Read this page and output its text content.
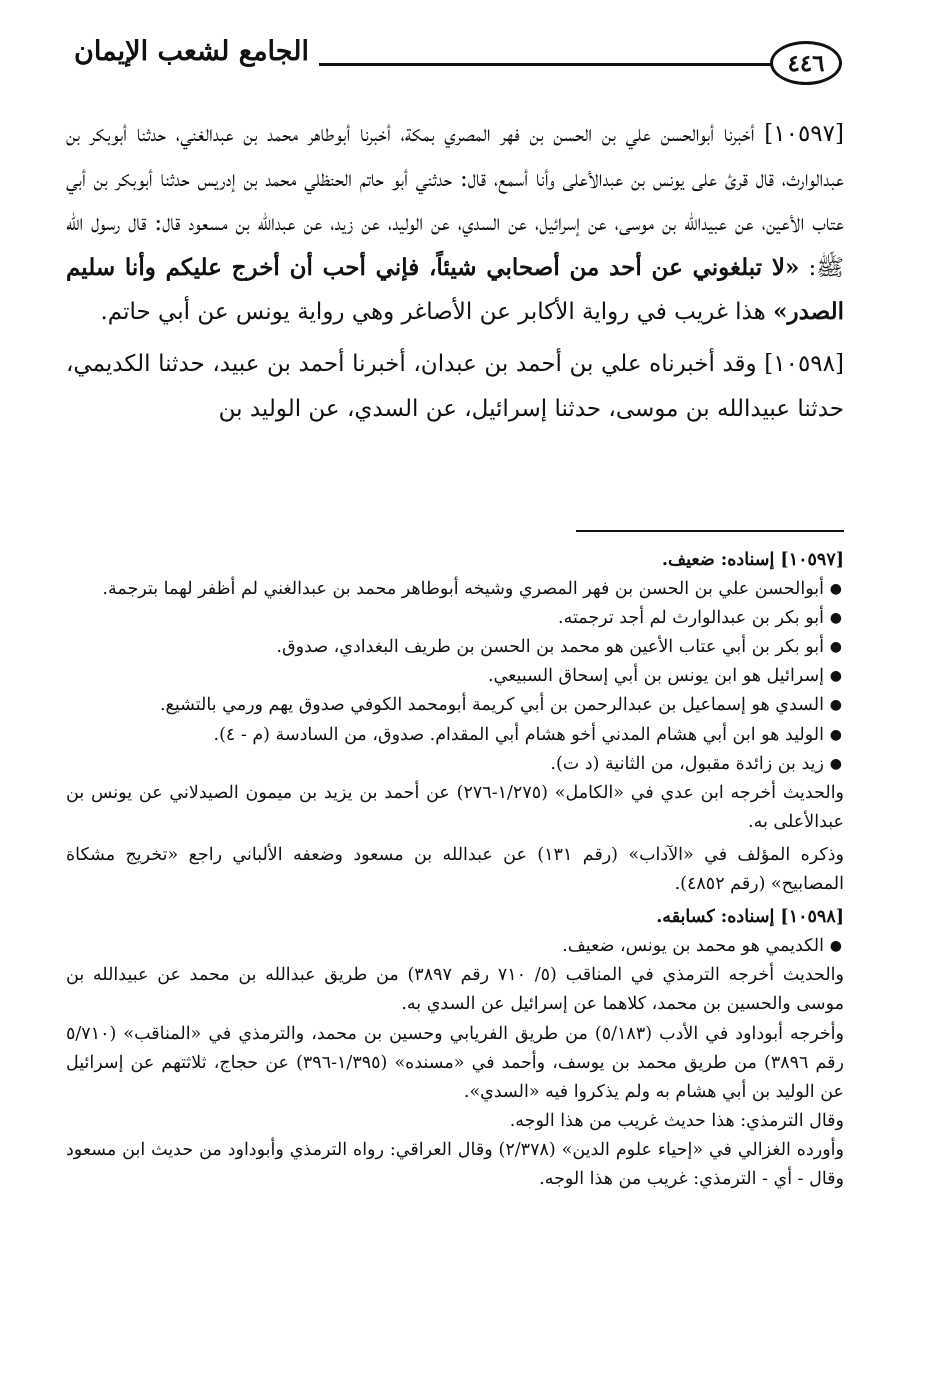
٤٤٦
الجامع لشعب الإيمان

[١٠٥٩٧] أخبرنا أبوالحسن علي بن الحسن بن فهر المصري بمكة، أخبرنا أبوطاهر محمد بن عبدالغني، حدثنا أبوبكر بن عبدالوارث، قال قرئ على يونس بن عبدالأعلى وأنا أسمع، قال: حدثني أبو حاتم الحنظلي محمد بن إدريس حدثنا أبوبكر بن أبي عتاب الأعين، عن عبيدالله بن موسى، عن إسرائيل، عن السدي، عن الوليد، عن زيد، عن عبدالله بن مسعود قال: قال رسول الله ﷺ: «لا تبلغوني عن أحد من أصحابي شيئاً، فإني أحب أن أخرج عليكم وأنا سليم الصدر» هذا غريب في رواية الأكابر عن الأصاغر وهي رواية يونس عن أبي حاتم.

[١٠٥٩٨] وقد أخبرناه علي بن أحمد بن عبدان، أخبرنا أحمد بن عبيد، حدثنا الكديمي، حدثنا عبيدالله بن موسى، حدثنا إسرائيل، عن السدي، عن الوليد بن

[١٠٥٩٧] إسناده: ضعيف.

● أبوالحسن علي بن الحسن بن فهر المصري وشيخه أبوطاهر محمد بن عبدالغني لم أظفر لهما بترجمة.
● أبو بكر بن عبدالوارث لم أجد ترجمته.
● أبو بكر بن أبي عتاب الأعين هو محمد بن الحسن بن طريف البغدادي، صدوق.
● إسرائيل هو ابن يونس بن أبي إسحاق السبيعي.
● السدي هو إسماعيل بن عبدالرحمن بن أبي كريمة أبومحمد الكوفي صدوق يهم ورمي بالتشيع.
● الوليد هو ابن أبي هشام المدني أخو هشام أبي المقدام. صدوق، من السادسة (م - ٤).
● زيد بن زائدة مقبول، من الثانية (د ت).

والحديث أخرجه ابن عدي في «الكامل» (١/٢٧٥-٢٧٦) عن أحمد بن يزيد بن ميمون الصيدلاني عن يونس بن عبدالأعلى به.

وذكره المؤلف في «الآداب» (رقم ١٣١) عن عبدالله بن مسعود وضعفه الألباني راجع «تخريج مشكاة المصابيح» (رقم ٤٨٥٢).

[١٠٥٩٨] إسناده: كسابقه.

● الكديمي هو محمد بن يونس، ضعيف.

والحديث أخرجه الترمذي في المناقب (٥/ ٧١٠ رقم ٣٨٩٧) من طريق عبدالله بن محمد عن عبيدالله بن موسى والحسين بن محمد، كلاهما عن إسرائيل عن السدي به.

وأخرجه أبوداود في الأدب (٥/١٨٣) من طريق الفريابي وحسين بن محمد، والترمذي في «المناقب» (٥/٧١٠ رقم ٣٨٩٦) من طريق محمد بن يوسف، وأحمد في «مسنده» (١/٣٩٥-٣٩٦) عن حجاج، ثلاثتهم عن إسرائيل عن الوليد بن أبي هشام به ولم يذكروا فيه «السدي».

وقال الترمذي: هذا حديث غريب من هذا الوجه.

وأورده الغزالي في «إحياء علوم الدين» (٢/٣٧٨) وقال العراقي: رواه الترمذي وأبوداود من حديث ابن مسعود وقال - أي - الترمذي: غريب من هذا الوجه.
